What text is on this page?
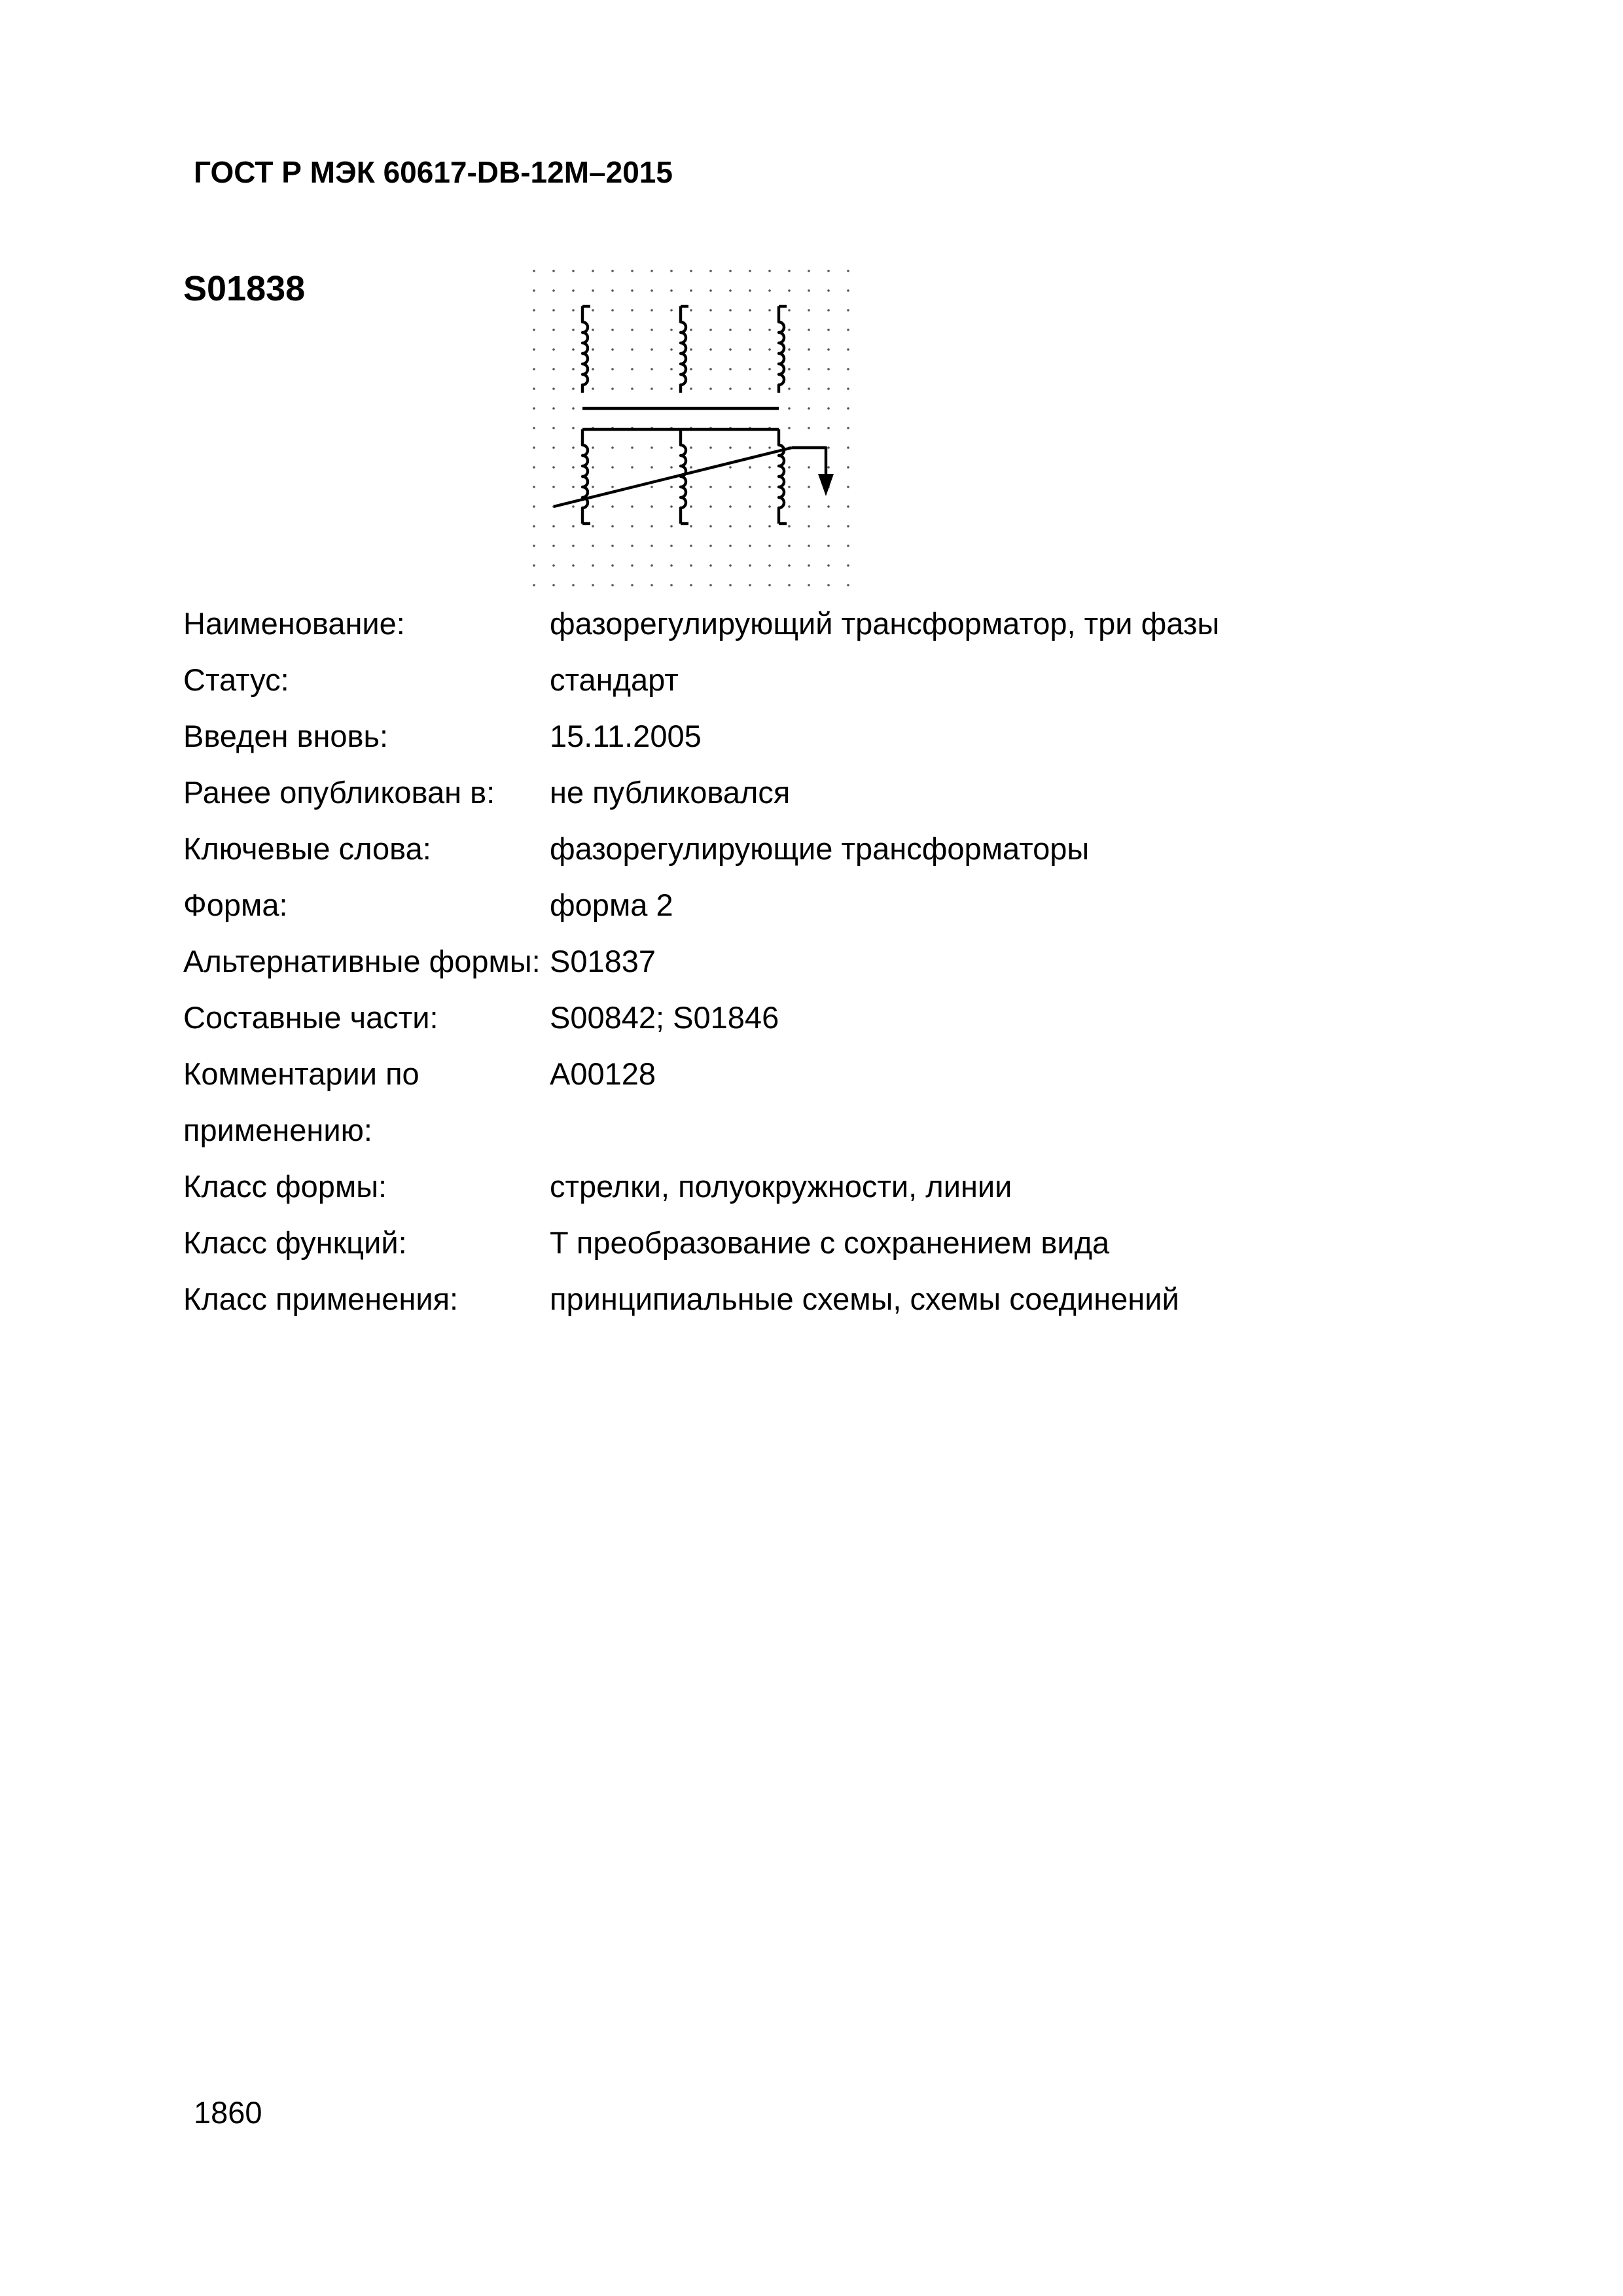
ГОСТ Р МЭК 60617-DB-12M–2015
S01838
Наименование:	фазорегулирующий трансформатор, три фазы
Статус:	стандарт
Введен вновь:	15.11.2005
Ранее опубликован в:	не публиковался
Ключевые слова:	фазорегулирующие трансформаторы
Форма:	форма 2
Альтернативные формы: S01837
Составные части:	S00842; S01846
Комментарии по применению:
A00128
Класс формы:	стрелки, полуокружности, линии
Класс функций:	T преобразование с сохранением вида
Класс применения:	принципиальные схемы, схемы соединений
1860
